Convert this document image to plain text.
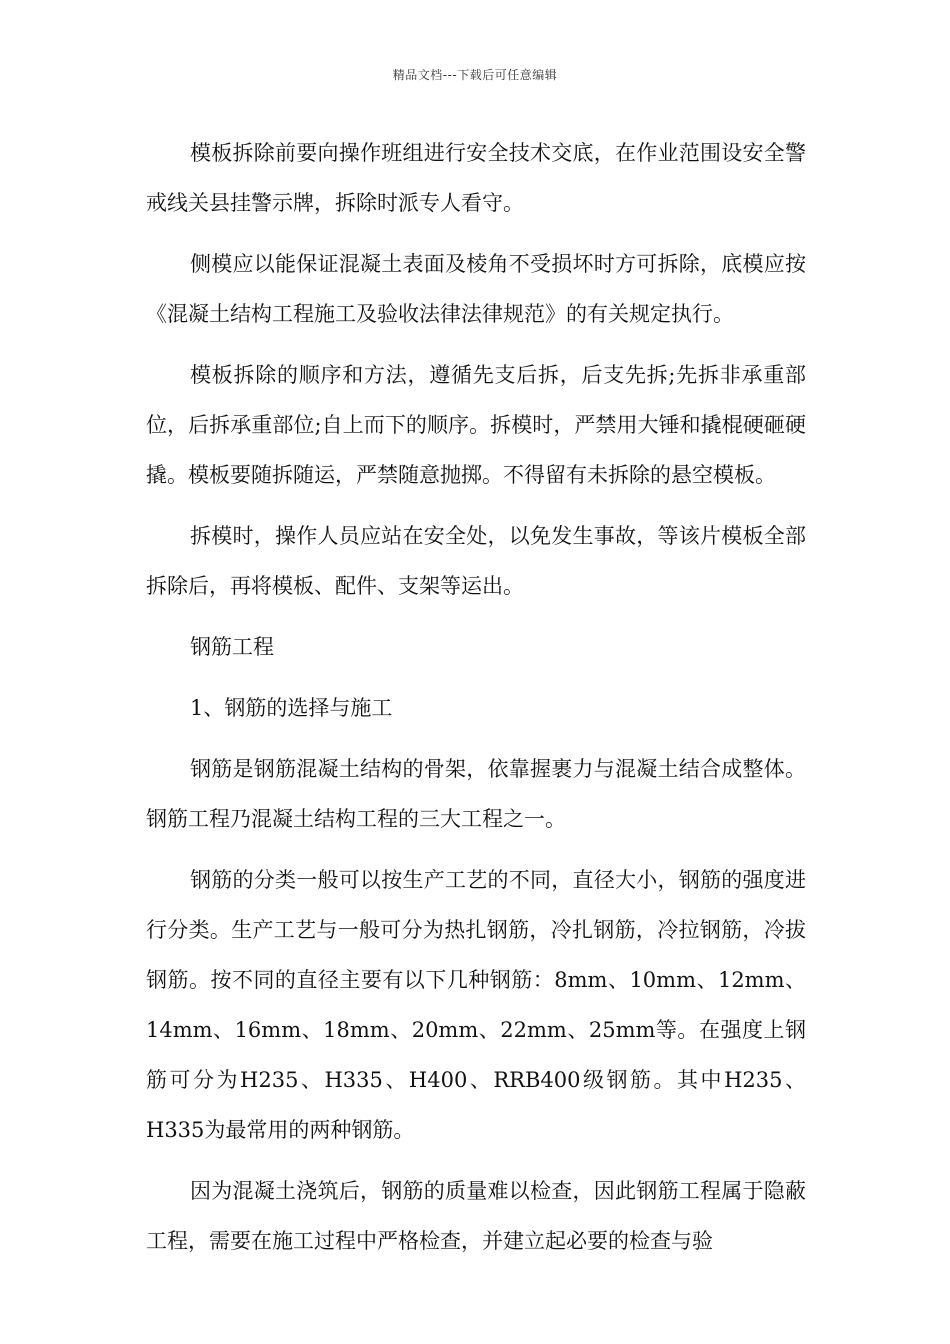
精品文档---下载后可任意编辑

模板拆除前要向操作班组进行安全技术交底，在作业范围设安全警戒线关县挂警示牌，拆除时派专人看守。

侧模应以能保证混凝土表面及棱角不受损坏时方可拆除，底模应按《混凝土结构工程施工及验收法律法律规范》的有关规定执行。

模板拆除的顺序和方法，遵循先支后拆，后支先拆;先拆非承重部位，后拆承重部位;自上而下的顺序。拆模时，严禁用大锤和撬棍硬砸硬撬。模板要随拆随运，严禁随意抛掷。不得留有未拆除的悬空模板。

拆模时，操作人员应站在安全处，以免发生事故，等该片模板全部拆除后，再将模板、配件、支架等运出。

钢筋工程

1、钢筋的选择与施工

钢筋是钢筋混凝土结构的骨架，依靠握裹力与混凝土结合成整体。钢筋工程乃混凝土结构工程的三大工程之一。

钢筋的分类一般可以按生产工艺的不同，直径大小，钢筋的强度进行分类。生产工艺与一般可分为热扎钢筋，冷扎钢筋，冷拉钢筋，冷拔钢筋。按不同的直径主要有以下几种钢筋：8mm、10mm、12mm、14mm、16mm、18mm、20mm、22mm、25mm等。在强度上钢筋可分为H235、H335、H400、RRB400级钢筋。其中H235、H335为最常用的两种钢筋。

因为混凝土浇筑后，钢筋的质量难以检查，因此钢筋工程属于隐蔽工程，需要在施工过程中严格检查，并建立起必要的检查与验
